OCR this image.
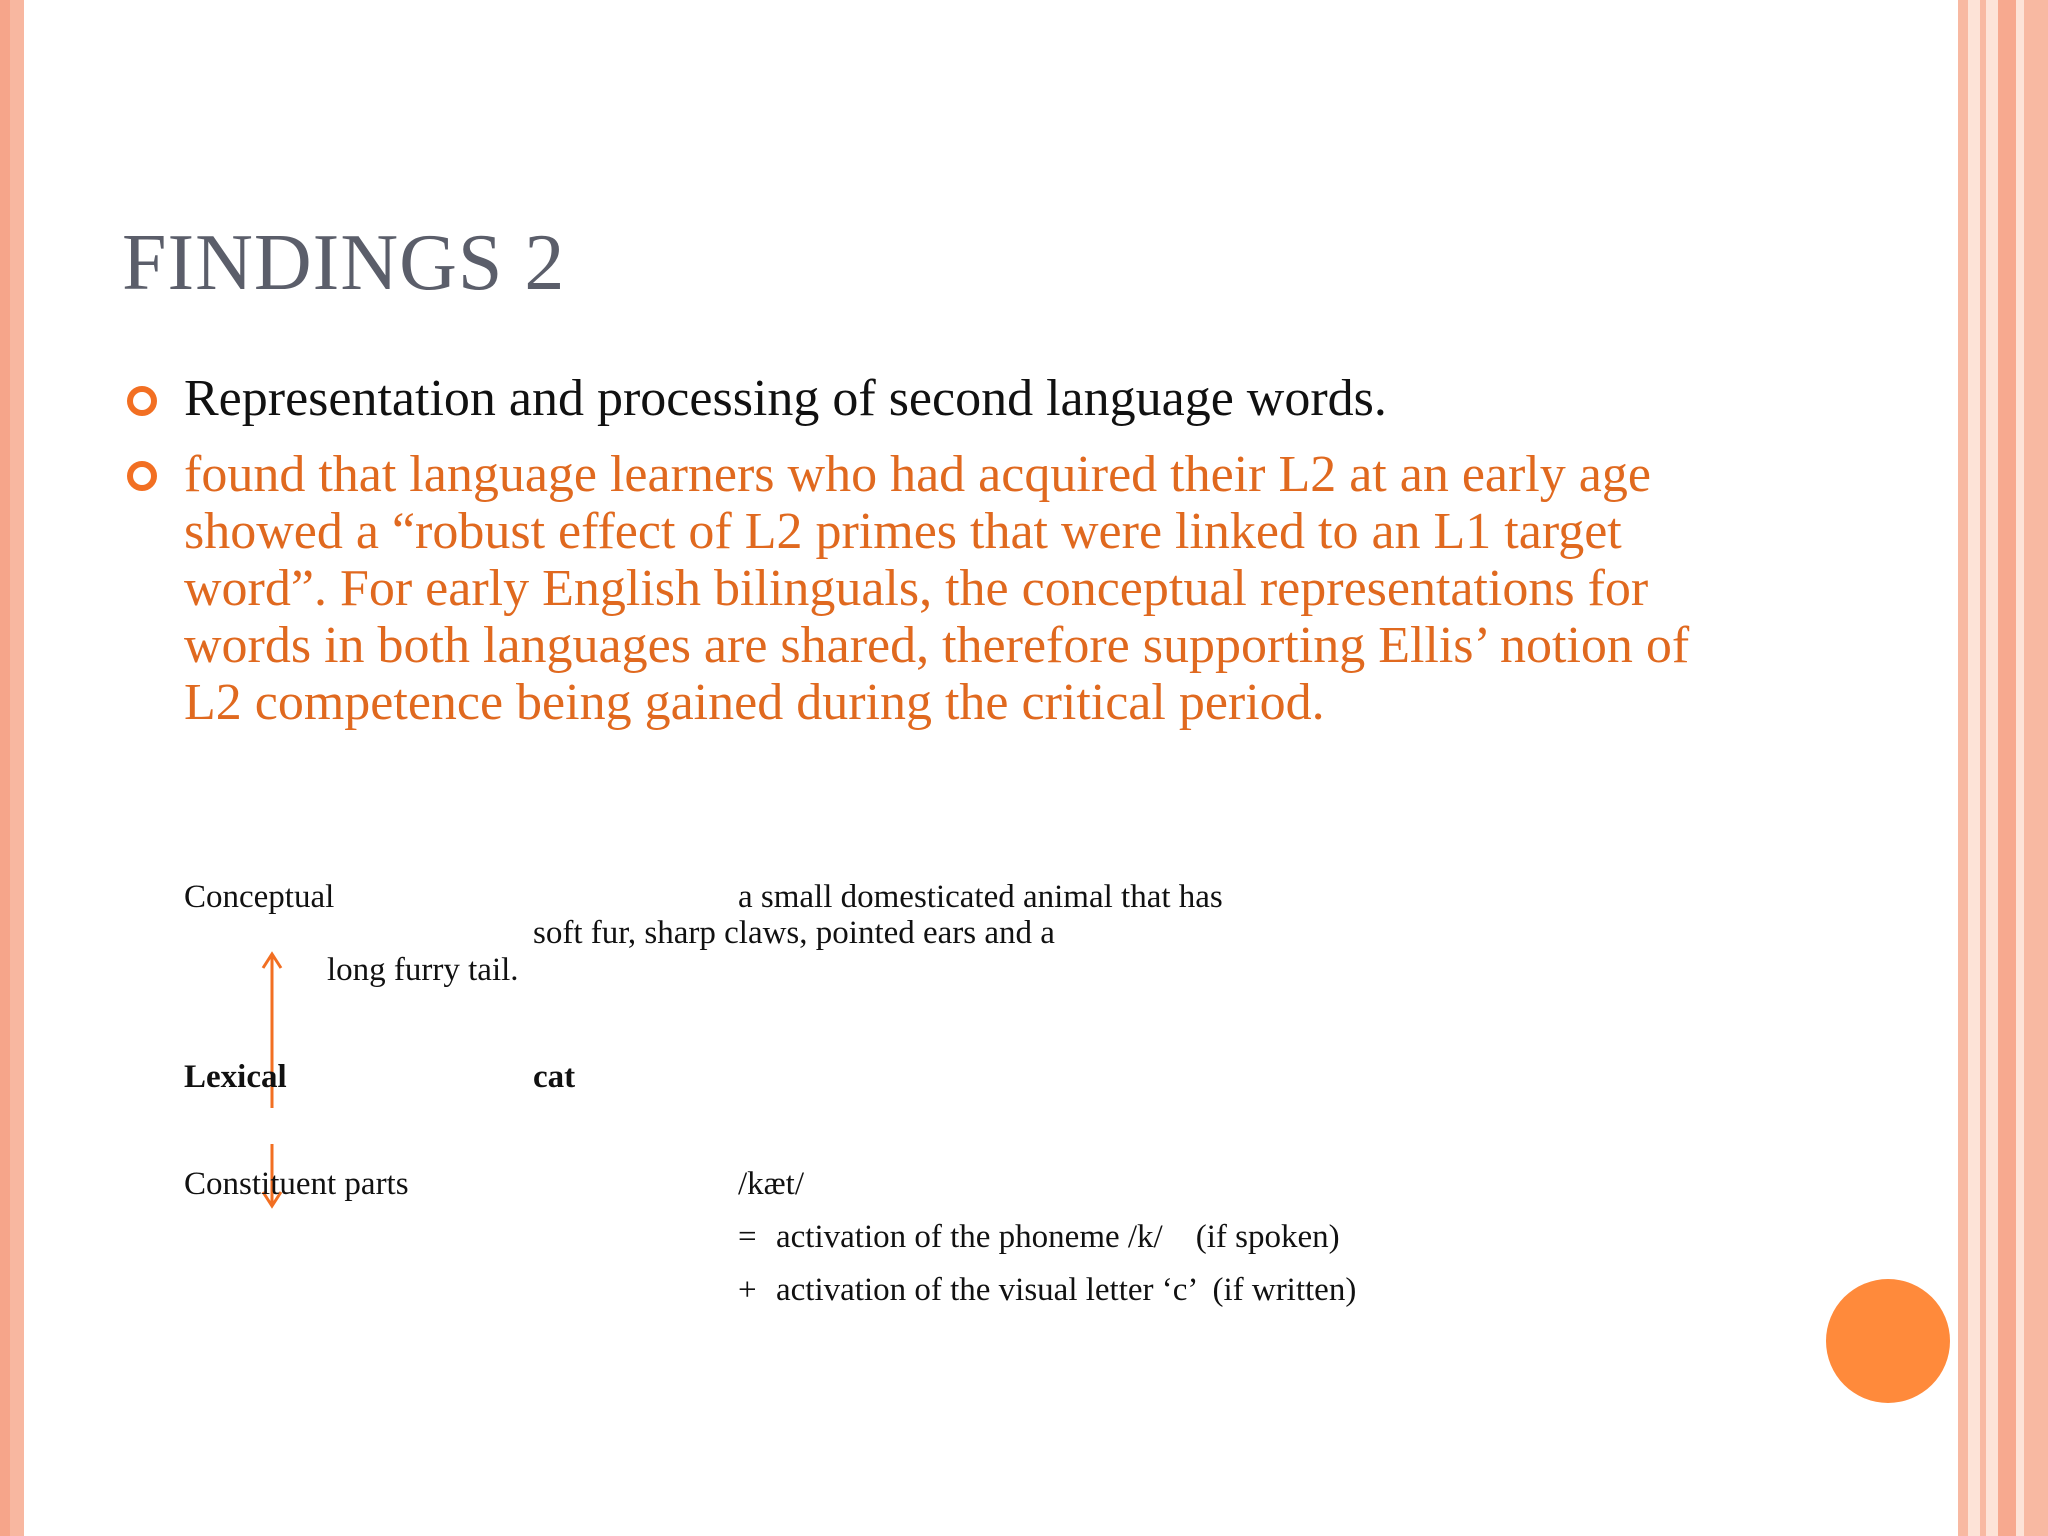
FINDINGS 2
Representation and processing of second language words.
found that language learners who had acquired their L2 at an early age showed a “robust effect of L2 primes that were linked to an L1 target word”. For early English bilinguals, the conceptual representations for words in both languages are shared, therefore supporting Ellis’ notion of L2 competence being gained during the critical period.
Conceptual	a small domesticated animal that has
soft fur, sharp claws, pointed ears and a
long furry tail.
Lexical	cat
Constituent parts	/kæt/
= activation of the phoneme /k/    (if spoken)
+ activation of the visual letter ‘c’  (if written)
